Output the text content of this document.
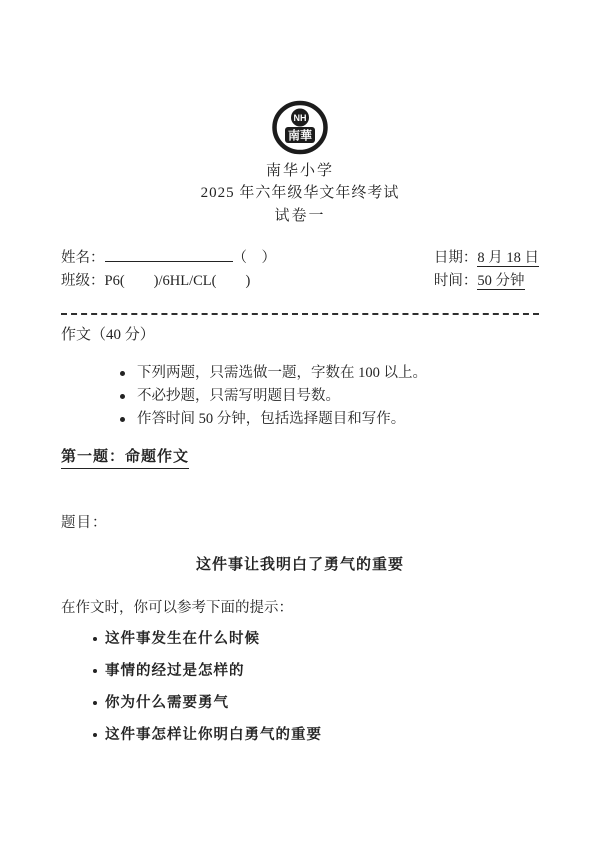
NH
南華
南华小学
2025 年六年级华文年终考试
试卷一
姓名：	（　）
班级：P6(　　)/6HL/CL(　　)
日期：8 月 18 日
时间：50 分钟
作文（40 分）
下列两题，只需选做一题，字数在 100 以上。
不必抄题，只需写明题目号数。
作答时间 50 分钟，包括选择题目和写作。
第一题：命题作文
题目：
这件事让我明白了勇气的重要
在作文时，你可以参考下面的提示：
这件事发生在什么时候
事情的经过是怎样的
你为什么需要勇气
这件事怎样让你明白勇气的重要
